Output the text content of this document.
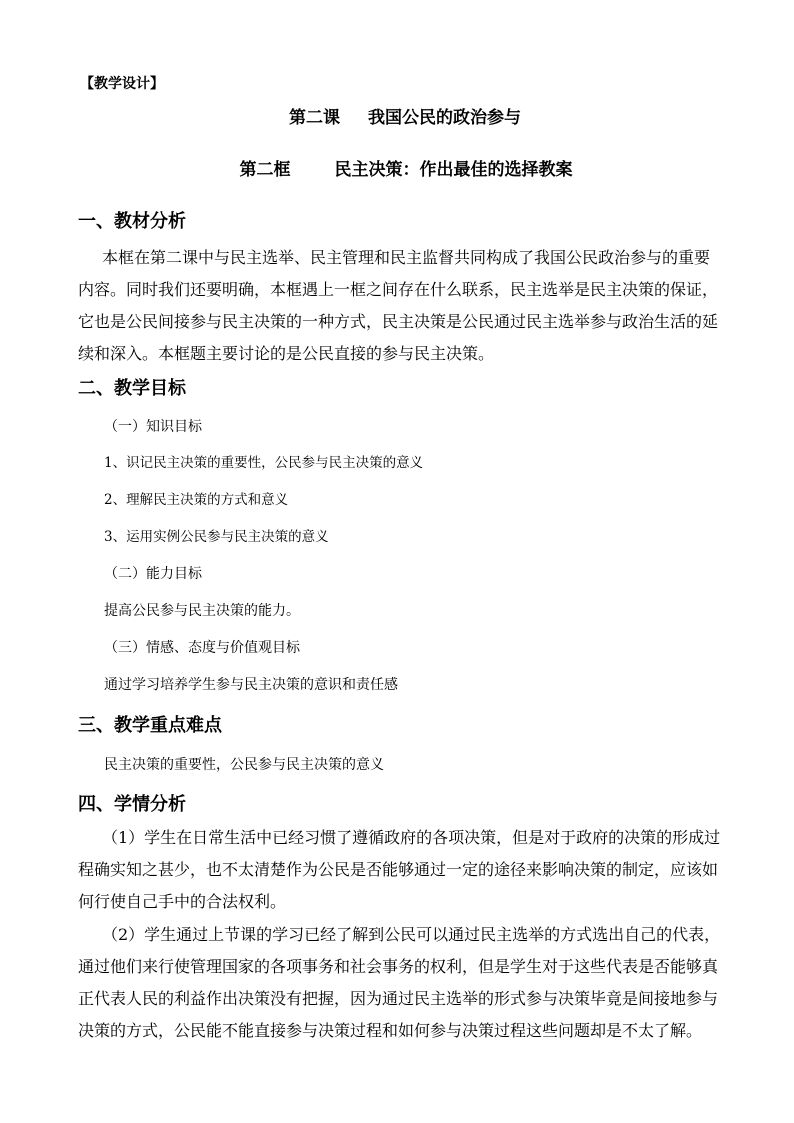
【教学设计】
第二课 我国公民的政治参与
第二框	民主决策：作出最佳的选择教案
一、教材分析
本框在第二课中与民主选举、民主管理和民主监督共同构成了我国公民政治参与的重要
内容。同时我们还要明确，本框遇上一框之间存在什么联系，民主选举是民主决策的保证，
它也是公民间接参与民主决策的一种方式，民主决策是公民通过民主选举参与政治生活的延
续和深入。本框题主要讨论的是公民直接的参与民主决策。
二、教学目标
（一）知识目标
1、识记民主决策的重要性，公民参与民主决策的意义
2、理解民主决策的方式和意义
3、运用实例公民参与民主决策的意义
（二）能力目标
提高公民参与民主决策的能力。
（三）情感、态度与价值观目标
通过学习培养学生参与民主决策的意识和责任感
三、教学重点难点
民主决策的重要性，公民参与民主决策的意义
四、学情分析
（1）学生在日常生活中已经习惯了遵循政府的各项决策，但是对于政府的决策的形成过
程确实知之甚少，也不太清楚作为公民是否能够通过一定的途径来影响决策的制定，应该如
何行使自己手中的合法权利。
（2）学生通过上节课的学习已经了解到公民可以通过民主选举的方式选出自己的代表，
通过他们来行使管理国家的各项事务和社会事务的权利，但是学生对于这些代表是否能够真
正代表人民的利益作出决策没有把握，因为通过民主选举的形式参与决策毕竟是间接地参与
决策的方式，公民能不能直接参与决策过程和如何参与决策过程这些问题却是不太了解。
